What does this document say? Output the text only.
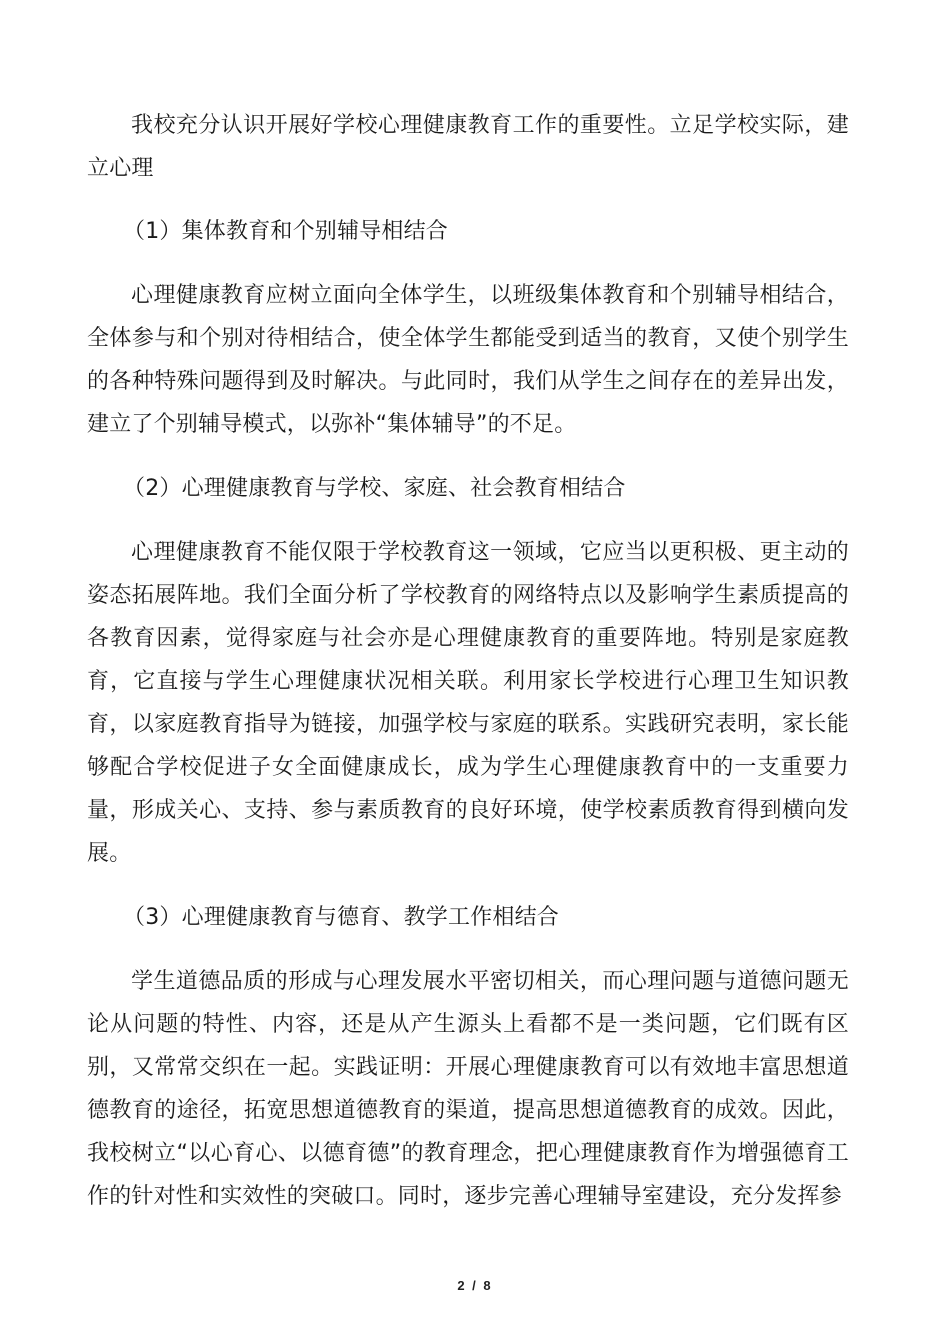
我校充分认识开展好学校心理健康教育工作的重要性。立足学校实际，建立心理

（1）集体教育和个别辅导相结合

心理健康教育应树立面向全体学生，以班级集体教育和个别辅导相结合，全体参与和个别对待相结合，使全体学生都能受到适当的教育，又使个别学生的各种特殊问题得到及时解决。与此同时，我们从学生之间存在的差异出发，建立了个别辅导模式，以弥补“集体辅导”的不足。

（2）心理健康教育与学校、家庭、社会教育相结合

心理健康教育不能仅限于学校教育这一领域，它应当以更积极、更主动的姿态拓展阵地。我们全面分析了学校教育的网络特点以及影响学生素质提高的各教育因素，觉得家庭与社会亦是心理健康教育的重要阵地。特别是家庭教育，它直接与学生心理健康状况相关联。利用家长学校进行心理卫生知识教育，以家庭教育指导为链接，加强学校与家庭的联系。实践研究表明，家长能够配合学校促进子女全面健康成长，成为学生心理健康教育中的一支重要力量，形成关心、支持、参与素质教育的良好环境，使学校素质教育得到横向发展。

（3）心理健康教育与德育、教学工作相结合

学生道德品质的形成与心理发展水平密切相关，而心理问题与道德问题无论从问题的特性、内容，还是从产生源头上看都不是一类问题，它们既有区别，又常常交织在一起。实践证明：开展心理健康教育可以有效地丰富思想道德教育的途径，拓宽思想道德教育的渠道，提高思想道德教育的成效。因此，我校树立“以心育心、以德育德”的教育理念，把心理健康教育作为增强德育工作的针对性和实效性的突破口。同时，逐步完善心理辅导室建设，充分发挥参

2 / 8
